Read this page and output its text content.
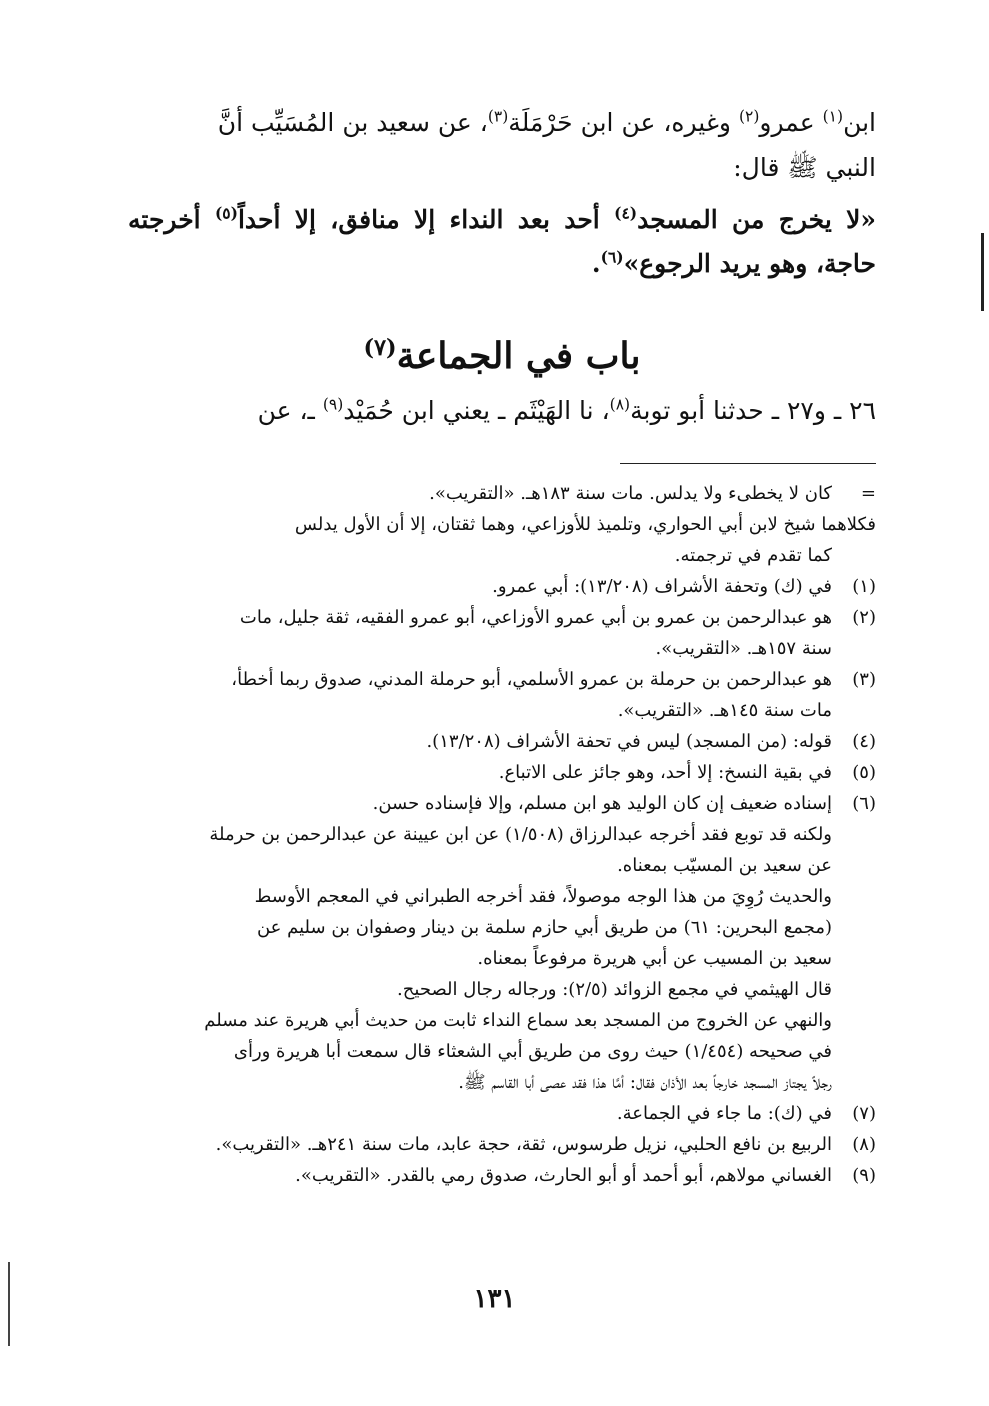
ابن$^{(١)}$ عمرو$^{(٢)}$ وغيره، عن ابن حَرْمَلَة$^{(٣)}$، عن سعيد بن المُسَيِّب أنَّ
النبي ﷺ قال:
«لا يخرج من المسجد$^{(٤)}$ أحد بعد النداء إلا منافق، إلا أحداً$^{(٥)}$ أخرجته حاجة، وهو يريد الرجوع»$^{(٦)}$.
باب في الجماعة$^{(٧)}$
٢٦ ـ و٢٧ ـ حدثنا أبو توبة$^{(٨)}$، نا الهَيْثَم ـ يعني ابن حُمَيْد$^{(٩)}$ ـ، عن
=
كان لا يخطىء ولا يدلس. مات سنة ١٨٣هـ. «التقريب».
فكلاهما شيخ لابن أبي الحواري، وتلميذ للأوزاعي، وهما ثقتان، إلا أن الأول يدلس
كما تقدم في ترجمته.
(١)
في (ك) وتحفة الأشراف (١٣/٢٠٨): أبي عمرو.
(٢)
هو عبدالرحمن بن عمرو بن أبي عمرو الأوزاعي، أبو عمرو الفقيه، ثقة جليل، مات
سنة ١٥٧هـ. «التقريب».
(٣)
هو عبدالرحمن بن حرملة بن عمرو الأسلمي، أبو حرملة المدني، صدوق ربما أخطأ،
مات سنة ١٤٥هـ. «التقريب».
(٤)
قوله: (من المسجد) ليس في تحفة الأشراف (١٣/٢٠٨).
(٥)
في بقية النسخ: إلا أحد، وهو جائز على الاتباع.
(٦)
إسناده ضعيف إن كان الوليد هو ابن مسلم، وإلا فإسناده حسن.
ولكنه قد توبع فقد أخرجه عبدالرزاق (١/٥٠٨) عن ابن عيينة عن عبدالرحمن بن حرملة
عن سعيد بن المسيّب بمعناه.
والحديث رُوِيَ من هذا الوجه موصولاً، فقد أخرجه الطبراني في المعجم الأوسط
(مجمع البحرين: ٦١) من طريق أبي حازم سلمة بن دينار وصفوان بن سليم عن
سعيد بن المسيب عن أبي هريرة مرفوعاً بمعناه.
قال الهيثمي في مجمع الزوائد (٢/٥): ورجاله رجال الصحيح.
والنهي عن الخروج من المسجد بعد سماع النداء ثابت من حديث أبي هريرة عند مسلم
في صحيحه (١/٤٥٤) حيث روى من طريق أبي الشعثاء قال سمعت أبا هريرة ورأى
رجلاً يجتاز المسجد خارجاً بعد الأذان فقال: أمَّا هذا فقد عصى أبا القاسم ﷺ.
(٧)
في (ك): ما جاء في الجماعة.
(٨)
الربيع بن نافع الحلبي، نزيل طرسوس، ثقة، حجة عابد، مات سنة ٢٤١هـ. «التقريب».
(٩)
الغساني مولاهم، أبو أحمد أو أبو الحارث، صدوق رمي بالقدر. «التقريب».
١٣١
